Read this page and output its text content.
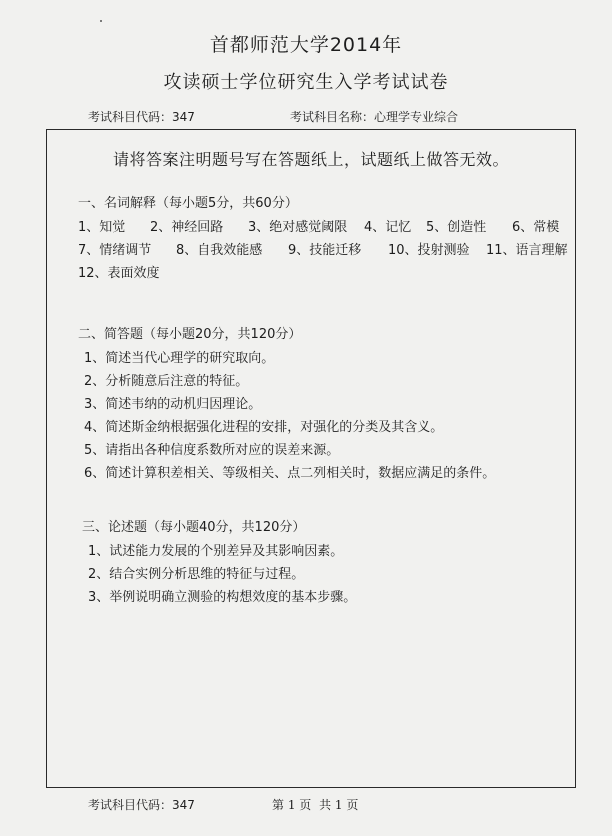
首都师范大学2014年
攻读硕士学位研究生入学考试试卷
考试科目代码：347	考试科目名称：心理学专业综合
请将答案注明题号写在答题纸上，试题纸上做答无效。
一、名词解释（每小题5分，共60分）
1、知觉 2、神经回路 3、绝对感觉阈限 4、记忆 5、创造性 6、常模
7、情绪调节 8、自我效能感 9、技能迁移 10、投射测验 11、语言理解
12、表面效度
二、简答题（每小题20分，共120分）
1、简述当代心理学的研究取向。
2、分析随意后注意的特征。
3、简述韦纳的动机归因理论。
4、简述斯金纳根据强化进程的安排，对强化的分类及其含义。
5、请指出各种信度系数所对应的误差来源。
6、简述计算积差相关、等级相关、点二列相关时，数据应满足的条件。
三、论述题（每小题40分，共120分）
1、试述能力发展的个别差异及其影响因素。
2、结合实例分析思维的特征与过程。
3、举例说明确立测验的构想效度的基本步骤。
考试科目代码：347	第 1 页 共 1 页
